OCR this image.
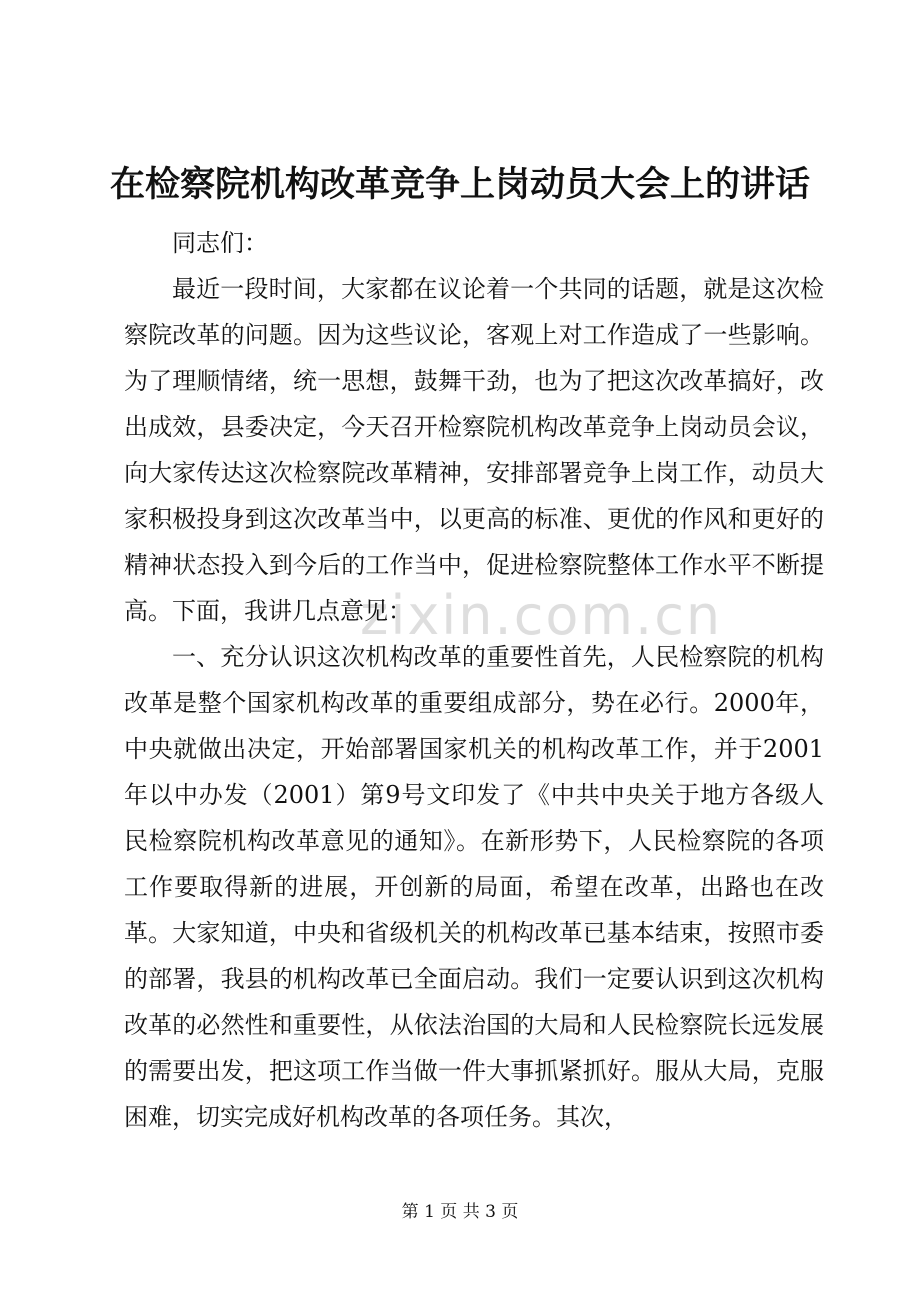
zixin.com.cn
在检察院机构改革竞争上岗动员大会上的讲话

同志们：

最近一段时间，大家都在议论着一个共同的话题，就是这次检察院改革的问题。因为这些议论，客观上对工作造成了一些影响。为了理顺情绪，统一思想，鼓舞干劲，也为了把这次改革搞好，改出成效，县委决定，今天召开检察院机构改革竞争上岗动员会议，向大家传达这次检察院改革精神，安排部署竞争上岗工作，动员大家积极投身到这次改革当中，以更高的标准、更优的作风和更好的精神状态投入到今后的工作当中，促进检察院整体工作水平不断提高。下面，我讲几点意见：

一、充分认识这次机构改革的重要性首先，人民检察院的机构改革是整个国家机构改革的重要组成部分，势在必行。2000年，中央就做出决定，开始部署国家机关的机构改革工作，并于2001年以中办发（2001）第9号文印发了《中共中央关于地方各级人民检察院机构改革意见的通知》。在新形势下，人民检察院的各项工作要取得新的进展，开创新的局面，希望在改革，出路也在改革。大家知道，中央和省级机关的机构改革已基本结束，按照市委的部署，我县的机构改革已全面启动。我们一定要认识到这次机构改革的必然性和重要性，从依法治国的大局和人民检察院长远发展的需要出发，把这项工作当做一件大事抓紧抓好。服从大局，克服困难，切实完成好机构改革的各项任务。其次，

第 1 页 共 3 页
